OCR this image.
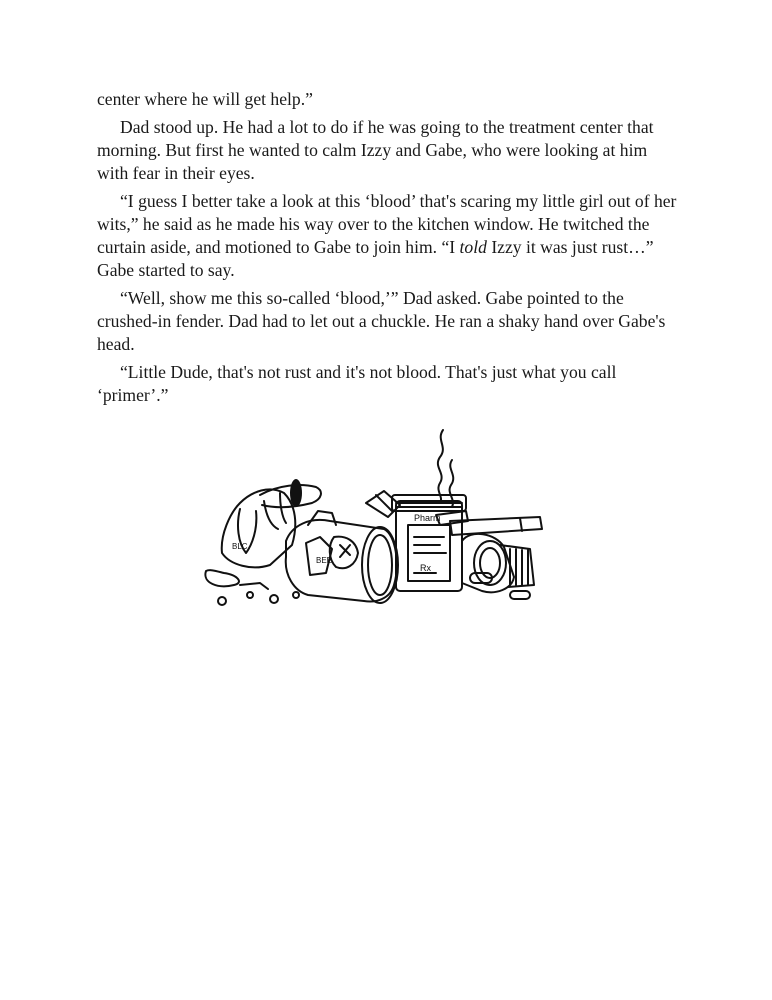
center where he will get help.”

Dad stood up. He had a lot to do if he was going to the treatment center that morning. But first he wanted to calm Izzy and Gabe, who were looking at him with fear in their eyes.

“I guess I better take a look at this ‘blood’ that's scaring my little girl out of her wits,” he said as he made his way over to the kitchen window. He twitched the curtain aside, and motioned to Gabe to join him. “I told Izzy it was just rust…” Gabe started to say.

“Well, show me this so-called ‘blood,’” Dad asked. Gabe pointed to the crushed-in fender. Dad had to let out a chuckle. He ran a shaky hand over Gabe's head.

“Little Dude, that's not rust and it's not blood. That's just what you call ‘primer’.”

Rx
Pharm
BEE
BLC
